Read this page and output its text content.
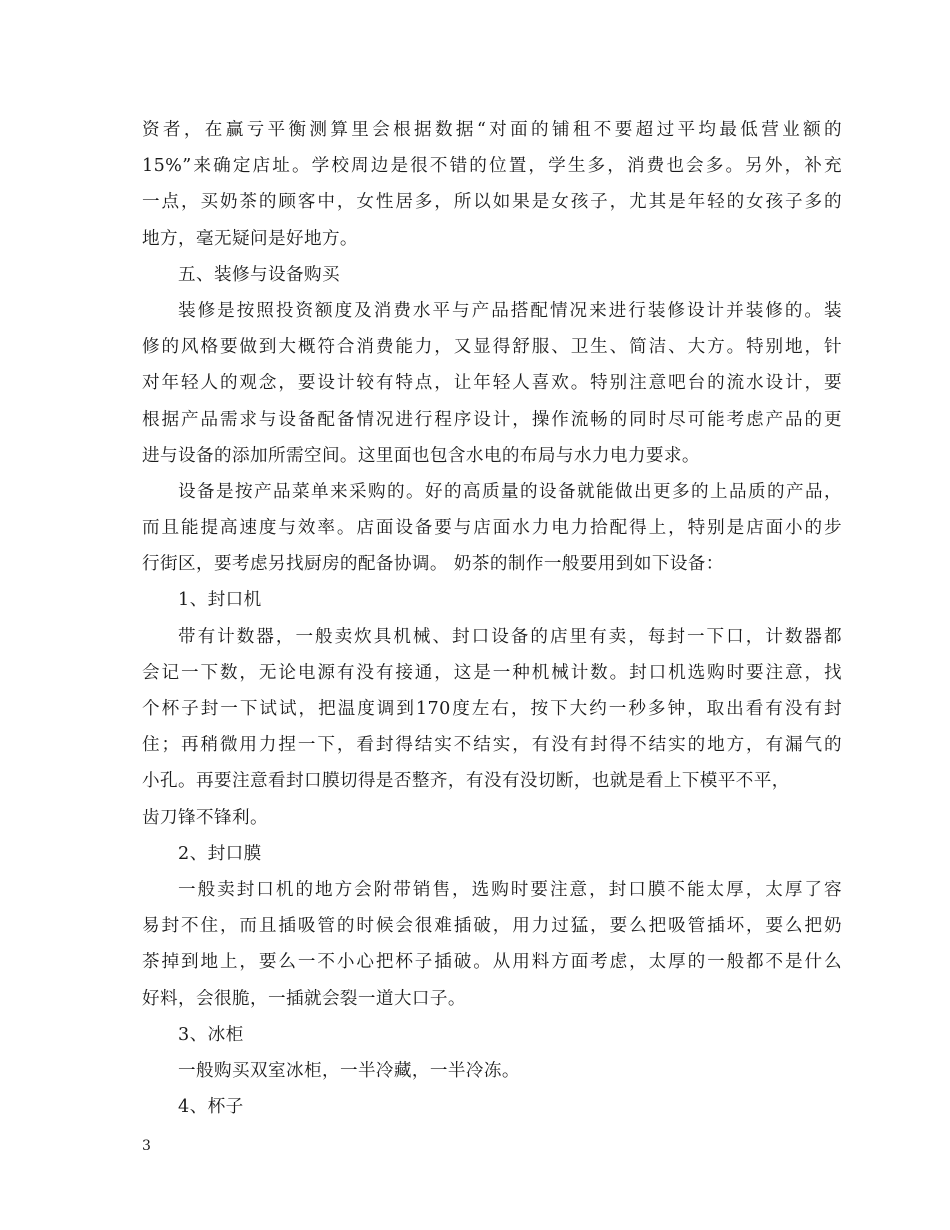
资者，在赢亏平衡测算里会根据数据“对面的铺租不要超过平均最低营业额的
15%”来确定店址。学校周边是很不错的位置，学生多，消费也会多。另外，补充
一点，买奶茶的顾客中，女性居多，所以如果是女孩子，尤其是年轻的女孩子多的
地方，毫无疑问是好地方。
五、装修与设备购买
装修是按照投资额度及消费水平与产品搭配情况来进行装修设计并装修的。装
修的风格要做到大概符合消费能力，又显得舒服、卫生、简洁、大方。特别地，针
对年轻人的观念，要设计较有特点，让年轻人喜欢。特别注意吧台的流水设计，要
根据产品需求与设备配备情况进行程序设计，操作流畅的同时尽可能考虑产品的更
进与设备的添加所需空间。这里面也包含水电的布局与水力电力要求。
设备是按产品菜单来采购的。好的高质量的设备就能做出更多的上品质的产品，
而且能提高速度与效率。店面设备要与店面水力电力拾配得上，特别是店面小的步
行街区，要考虑另找厨房的配备协调。 奶茶的制作一般要用到如下设备：
1、封口机
带有计数器，一般卖炊具机械、封口设备的店里有卖，每封一下口，计数器都
会记一下数，无论电源有没有接通，这是一种机械计数。封口机选购时要注意，找
个杯子封一下试试，把温度调到170度左右，按下大约一秒多钟，取出看有没有封
住；再稍微用力捏一下，看封得结实不结实，有没有封得不结实的地方，有漏气的
小孔。再要注意看封口膜切得是否整齐，有没有没切断，也就是看上下模平不平，
齿刀锋不锋利。
2、封口膜
一般卖封口机的地方会附带销售，选购时要注意，封口膜不能太厚，太厚了容
易封不住，而且插吸管的时候会很难插破，用力过猛，要么把吸管插坏，要么把奶
茶掉到地上，要么一不小心把杯子插破。从用料方面考虑，太厚的一般都不是什么
好料，会很脆，一插就会裂一道大口子。
3、冰柜
一般购买双室冰柜，一半冷藏，一半冷冻。
4、杯子
3
